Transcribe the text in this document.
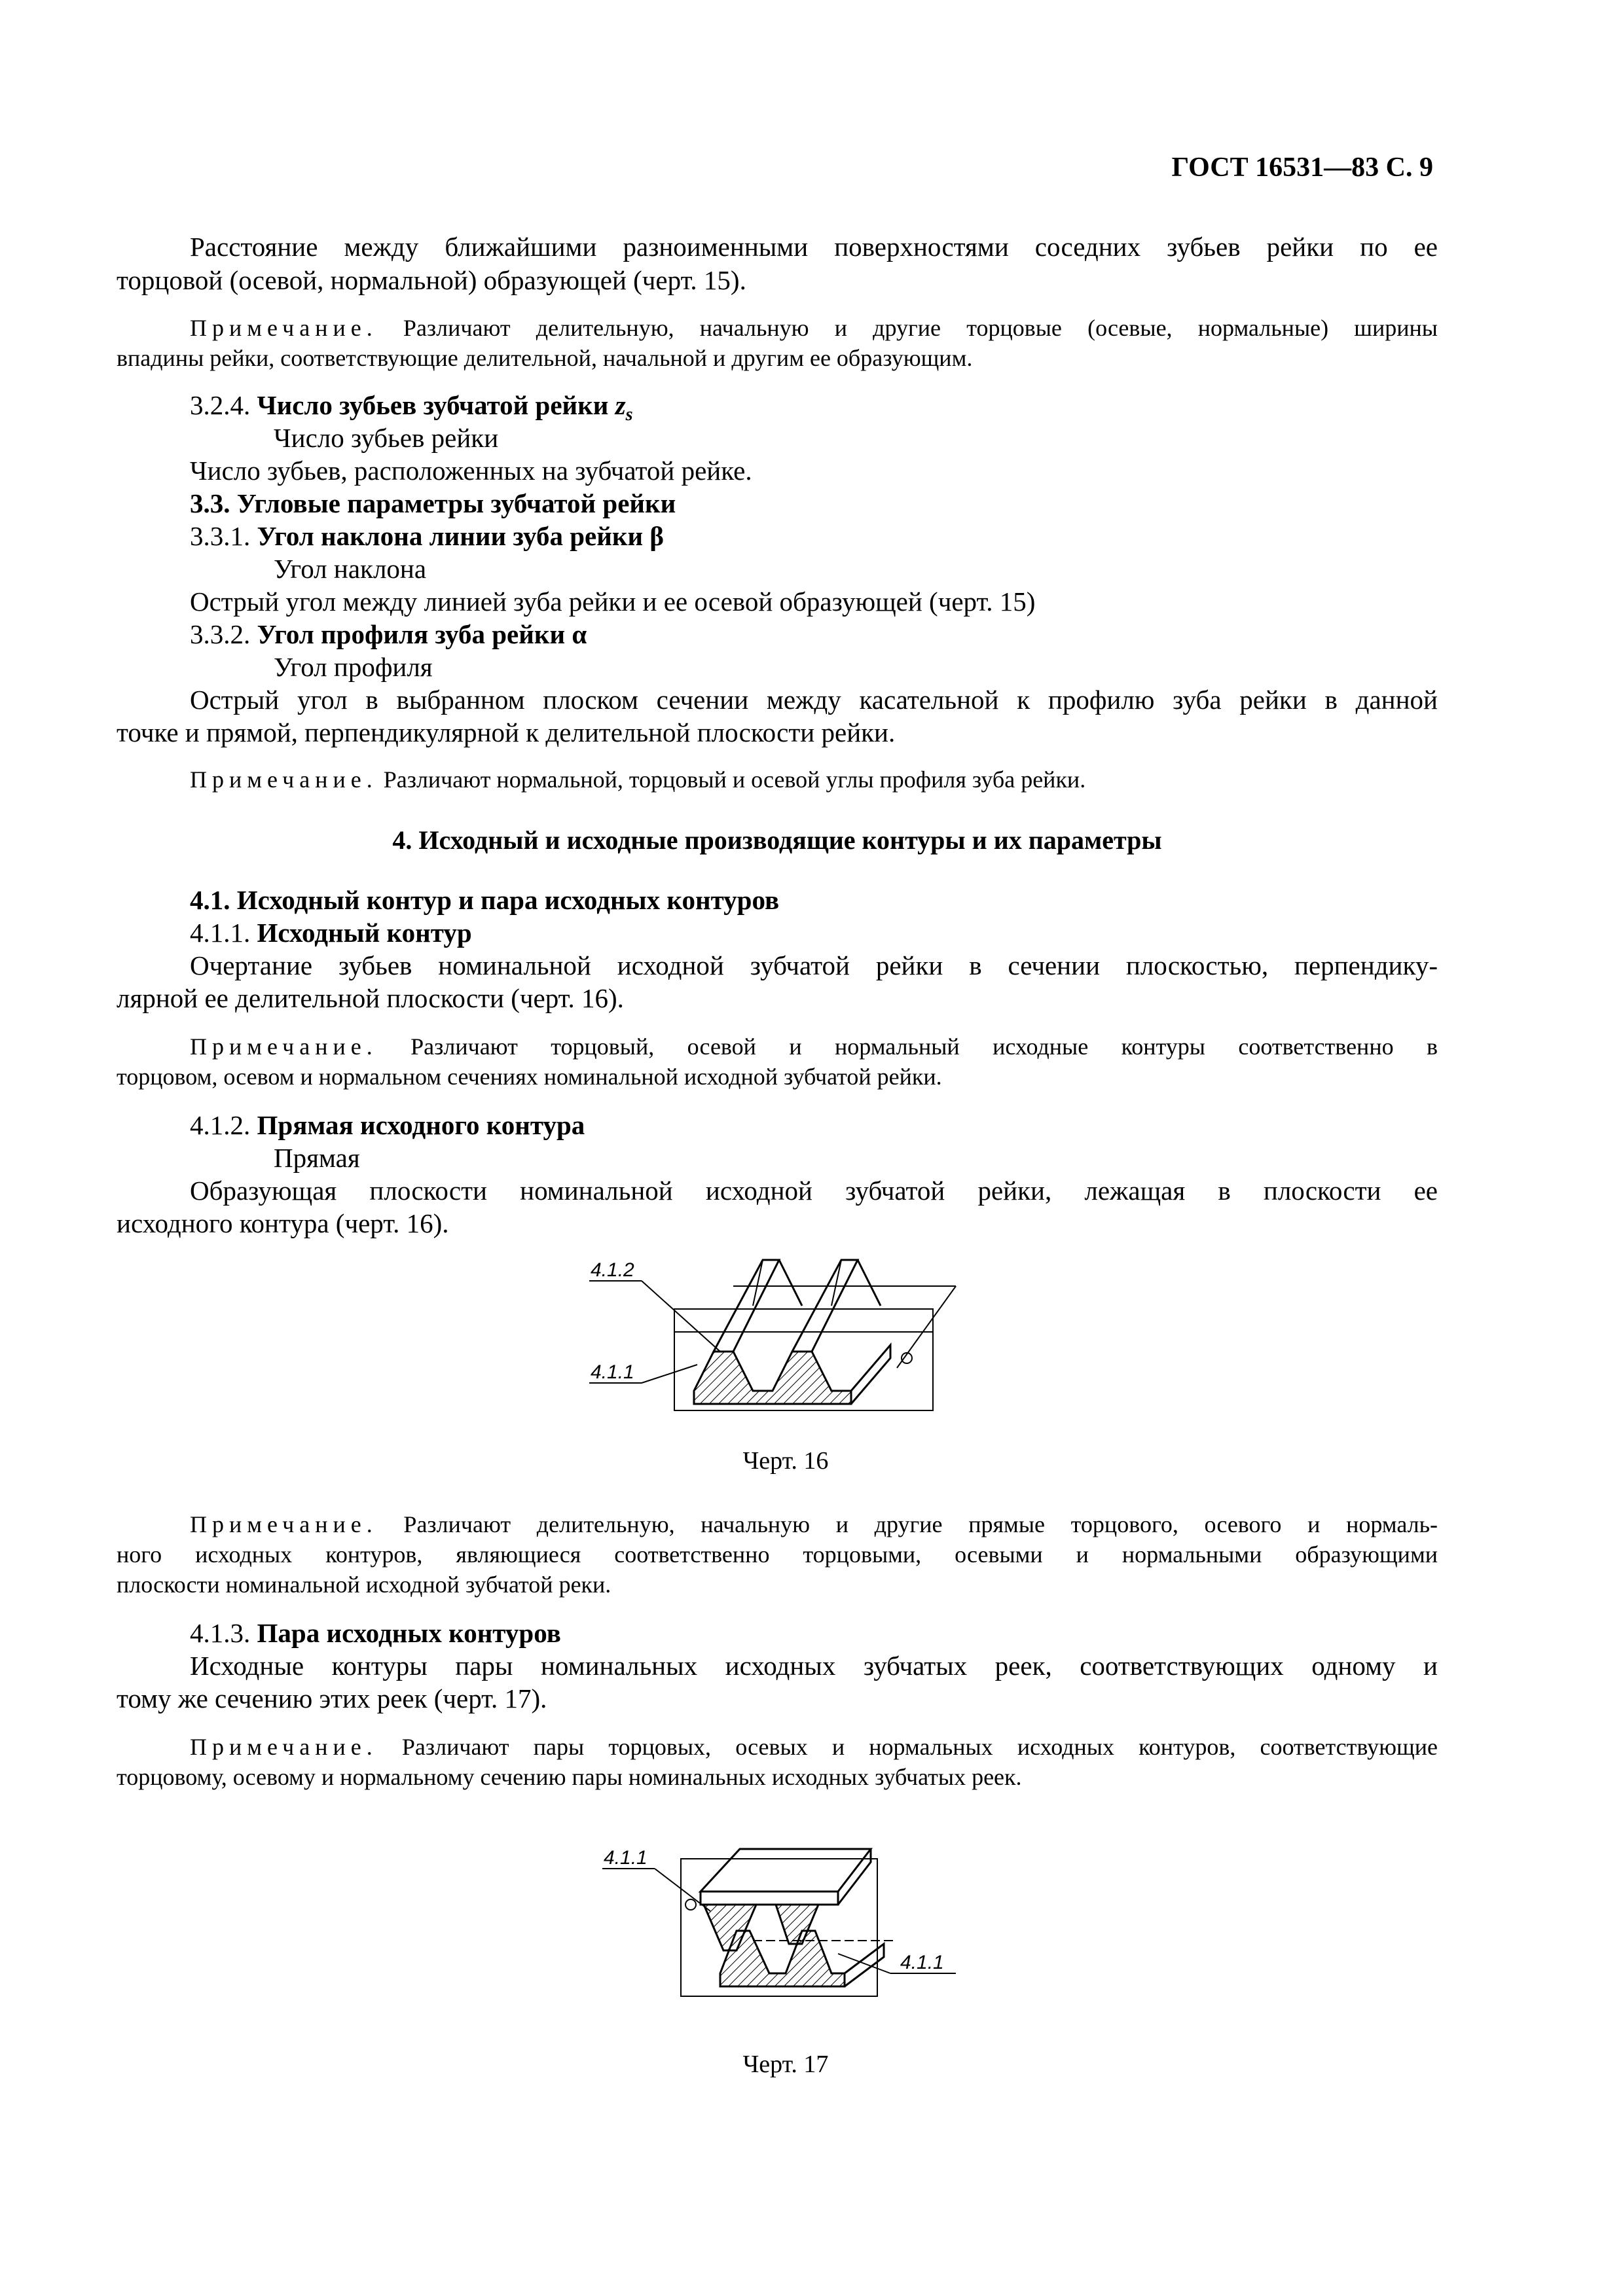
ГОСТ 16531—83 С. 9
Расстояние между ближайшими разноименными поверхностями соседних зубьев рейки по ее
торцовой (осевой, нормальной) образующей (черт. 15).
Примечание. Различают делительную, начальную и другие торцовые (осевые, нормальные) ширины
впадины рейки, соответствующие делительной, начальной и другим ее образующим.
3.2.4. Число зубьев зубчатой рейки $z_s$
Число зубьев рейки
Число зубьев, расположенных на зубчатой рейке.
3.3. Угловые параметры зубчатой рейки
3.3.1. Угол наклона линии зуба рейки β
Угол наклона
Острый угол между линией зуба рейки и ее осевой образующей (черт. 15)
3.3.2. Угол профиля зуба рейки α
Угол профиля
Острый угол в выбранном плоском сечении между касательной к профилю зуба рейки в данной
точке и прямой, перпендикулярной к делительной плоскости рейки.
Примечание. Различают нормальной, торцовый и осевой углы профиля зуба рейки.
4. Исходный и исходные производящие контуры и их параметры
4.1. Исходный контур и пара исходных контуров
4.1.1. Исходный контур
Очертание зубьев номинальной исходной зубчатой рейки в сечении плоскостью, перпендику-
лярной ее делительной плоскости (черт. 16).
Примечание. Различают торцовый, осевой и нормальный исходные контуры соответственно в
торцовом, осевом и нормальном сечениях номинальной исходной зубчатой рейки.
4.1.2. Прямая исходного контура
Прямая
Образующая плоскости номинальной исходной зубчатой рейки, лежащая в плоскости ее
исходного контура (черт. 16).
4.1.2
4.1.1
Черт. 16
Примечание. Различают делительную, начальную и другие прямые торцового, осевого и нормаль-
ного исходных контуров, являющиеся соответственно торцовыми, осевыми и нормальными образующими
плоскости номинальной исходной зубчатой реки.
4.1.3. Пара исходных контуров
Исходные контуры пары номинальных исходных зубчатых реек, соответствующих одному и
тому же сечению этих реек (черт. 17).
Примечание. Различают пары торцовых, осевых и нормальных исходных контуров, соответствующие
торцовому, осевому и нормальному сечению пары номинальных исходных зубчатых реек.
4.1.1
4.1.1
Черт. 17
